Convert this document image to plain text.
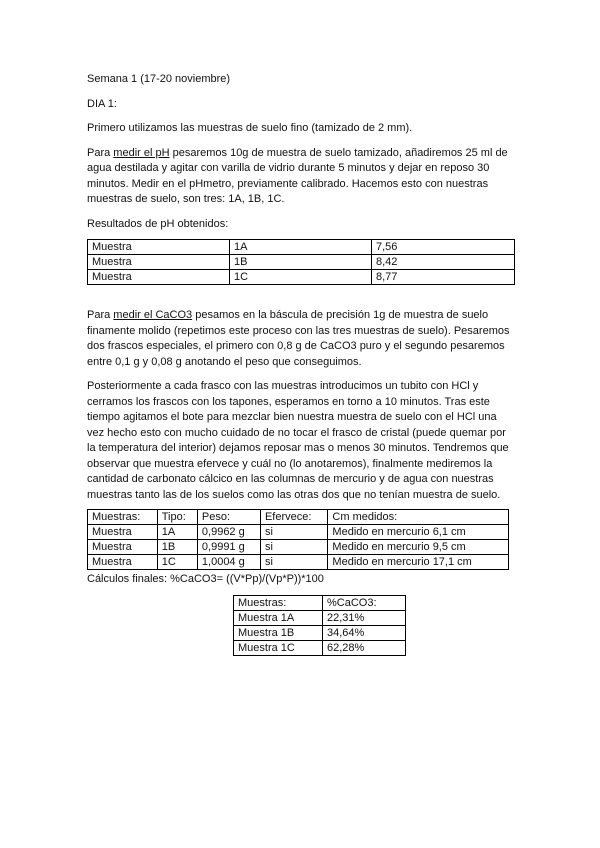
Semana 1 (17-20 noviembre)

DIA 1:

Primero utilizamos las muestras de suelo fino (tamizado de 2 mm).

Para medir el pH pesaremos 10g de muestra de suelo tamizado, añadiremos 25 ml de agua destilada y agitar con varilla de vidrio durante 5 minutos y dejar en reposo 30 minutos. Medir en el pHmetro, previamente calibrado. Hacemos esto con nuestras muestras de suelo, son tres: 1A, 1B, 1C.

Resultados de pH obtenidos:

Muestra	1A	7,56
Muestra	1B	8,42
Muestra	1C	8,77

Para medir el CaCO3 pesamos en la báscula de precisión 1g de muestra de suelo finamente molido (repetimos este proceso con las tres muestras de suelo). Pesaremos dos frascos especiales, el primero con 0,8 g de CaCO3 puro y el segundo pesaremos entre 0,1 g y 0,08 g anotando el peso que conseguimos.

Posteriormente a cada frasco con las muestras introducimos un tubito con HCl y cerramos los frascos con los tapones, esperamos en torno a 10 minutos. Tras este tiempo agitamos el bote para mezclar bien nuestra muestra de suelo con el HCl una vez hecho esto con mucho cuidado de no tocar el frasco de cristal (puede quemar por la temperatura del interior) dejamos reposar mas o menos 30 minutos. Tendremos que observar que muestra efervece y cuál no (lo anotaremos), finalmente mediremos la cantidad de carbonato cálcico en las columnas de mercurio y de agua con nuestras muestras tanto las de los suelos como las otras dos que no tenían muestra de suelo.

Muestras:	Tipo:	Peso:	Efervece:	Cm medidos:
Muestra	1A	0,9962 g	si	Medido en mercurio 6,1 cm
Muestra	1B	0,9991 g	si	Medido en mercurio 9,5 cm
Muestra	1C	1,0004 g	si	Medido en mercurio 17,1 cm

Cálculos finales: %CaCO3= ((V*Pp)/(Vp*P))*100

Muestras:	%CaCO3:
Muestra 1A	22,31%
Muestra 1B	34,64%
Muestra 1C	62,28%
